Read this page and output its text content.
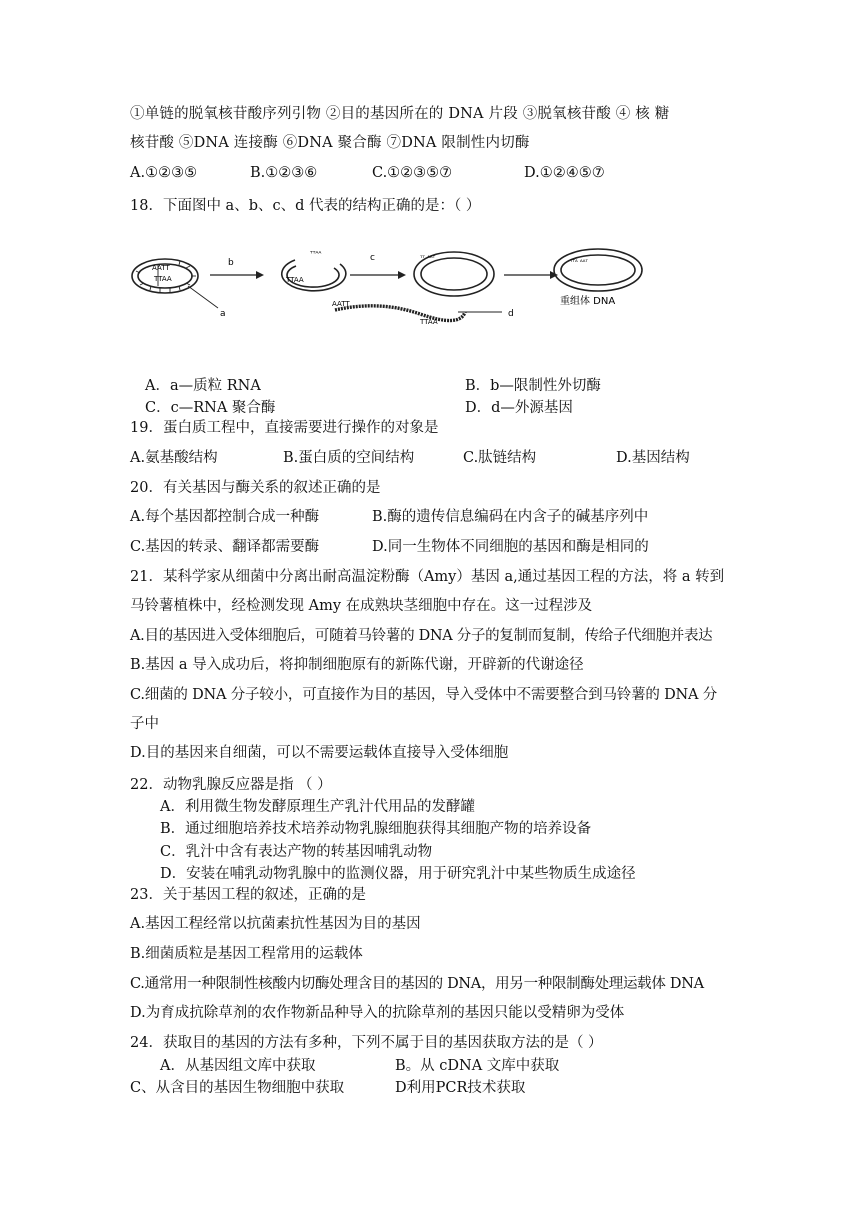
①单链的脱氧核苷酸序列引物 ②目的基因所在的 DNA 片段 ③脱氧核苷酸 ④ 核 糖
核苷酸 ⑤DNA 连接酶 ⑥DNA 聚合酶 ⑦DNA 限制性内切酶
A.①②③⑤	B.①②③⑥	C.①②③⑤⑦	D.①②④⑤⑦
18．下面图中 a、b、c、d 代表的结构正确的是：（ ）
AATT
TTAA
a
b
TTAA
ᵀᵀᴬᴬ	c
AATT
TTAA
d
ᵀᵀ ᴬᴬᵀ	ᵀᵀᴬ ᴬᴬᵀ
重组体 DNA
A．a—质粒 RNA	B．b—限制性外切酶
C．c—RNA 聚合酶	D．d—外源基因
19．蛋白质工程中，直接需要进行操作的对象是
A.氨基酸结构	B.蛋白质的空间结构	C.肽链结构	D.基因结构
20．有关基因与酶关系的叙述正确的是
A.每个基因都控制合成一种酶	B.酶的遗传信息编码在内含子的碱基序列中
C.基因的转录、翻译都需要酶	D.同一生物体不同细胞的基因和酶是相同的
21．某科学家从细菌中分离出耐高温淀粉酶（Amy）基因 a,通过基因工程的方法，将 a 转到
马铃薯植株中，经检测发现 Amy 在成熟块茎细胞中存在。这一过程涉及
A.目的基因进入受体细胞后，可随着马铃薯的 DNA 分子的复制而复制，传给子代细胞并表达
B.基因 a 导入成功后，将抑制细胞原有的新陈代谢，开辟新的代谢途径
C.细菌的 DNA 分子较小，可直接作为目的基因，导入受体中不需要整合到马铃薯的 DNA 分
子中
D.目的基因来自细菌，可以不需要运载体直接导入受体细胞
22．动物乳腺反应器是指 （ ）
A．利用微生物发酵原理生产乳汁代用品的发酵罐
B．通过细胞培养技术培养动物乳腺细胞获得其细胞产物的培养设备
C．乳汁中含有表达产物的转基因哺乳动物
D．安装在哺乳动物乳腺中的监测仪器，用于研究乳汁中某些物质生成途径
23．关于基因工程的叙述，正确的是
A.基因工程经常以抗菌素抗性基因为目的基因
B.细菌质粒是基因工程常用的运载体
C.通常用一种限制性核酸内切酶处理含目的基因的 DNA，用另一种限制酶处理运载体 DNA
D.为育成抗除草剂的农作物新品种导入的抗除草剂的基因只能以受精卵为受体
24．获取目的基因的方法有多种，下列不属于目的基因获取方法的是（ ）
A．从基因组文库中获取	B。从 cDNA 文库中获取
C、从含目的基因生物细胞中获取	D利用PCR技术获取
